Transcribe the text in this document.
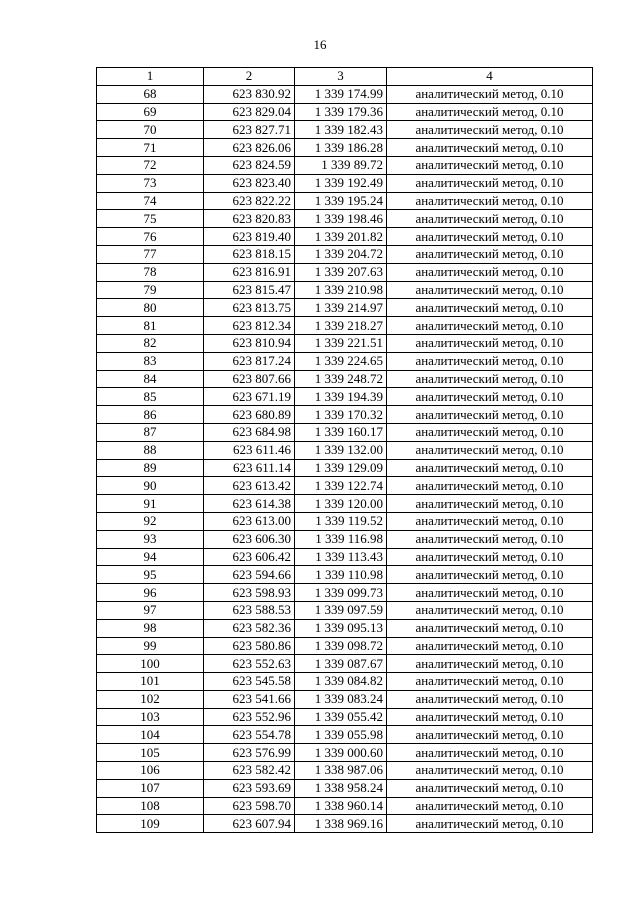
16
1	2	3	4
68	623 830.92	1 339 174.99	аналитический метод, 0.10
69	623 829.04	1 339 179.36	аналитический метод, 0.10
70	623 827.71	1 339 182.43	аналитический метод, 0.10
71	623 826.06	1 339 186.28	аналитический метод, 0.10
72	623 824.59	1 339 89.72	аналитический метод, 0.10
73	623 823.40	1 339 192.49	аналитический метод, 0.10
74	623 822.22	1 339 195.24	аналитический метод, 0.10
75	623 820.83	1 339 198.46	аналитический метод, 0.10
76	623 819.40	1 339 201.82	аналитический метод, 0.10
77	623 818.15	1 339 204.72	аналитический метод, 0.10
78	623 816.91	1 339 207.63	аналитический метод, 0.10
79	623 815.47	1 339 210.98	аналитический метод, 0.10
80	623 813.75	1 339 214.97	аналитический метод, 0.10
81	623 812.34	1 339 218.27	аналитический метод, 0.10
82	623 810.94	1 339 221.51	аналитический метод, 0.10
83	623 817.24	1 339 224.65	аналитический метод, 0.10
84	623 807.66	1 339 248.72	аналитический метод, 0.10
85	623 671.19	1 339 194.39	аналитический метод, 0.10
86	623 680.89	1 339 170.32	аналитический метод, 0.10
87	623 684.98	1 339 160.17	аналитический метод, 0.10
88	623 611.46	1 339 132.00	аналитический метод, 0.10
89	623 611.14	1 339 129.09	аналитический метод, 0.10
90	623 613.42	1 339 122.74	аналитический метод, 0.10
91	623 614.38	1 339 120.00	аналитический метод, 0.10
92	623 613.00	1 339 119.52	аналитический метод, 0.10
93	623 606.30	1 339 116.98	аналитический метод, 0.10
94	623 606.42	1 339 113.43	аналитический метод, 0.10
95	623 594.66	1 339 110.98	аналитический метод, 0.10
96	623 598.93	1 339 099.73	аналитический метод, 0.10
97	623 588.53	1 339 097.59	аналитический метод, 0.10
98	623 582.36	1 339 095.13	аналитический метод, 0.10
99	623 580.86	1 339 098.72	аналитический метод, 0.10
100	623 552.63	1 339 087.67	аналитический метод, 0.10
101	623 545.58	1 339 084.82	аналитический метод, 0.10
102	623 541.66	1 339 083.24	аналитический метод, 0.10
103	623 552.96	1 339 055.42	аналитический метод, 0.10
104	623 554.78	1 339 055.98	аналитический метод, 0.10
105	623 576.99	1 339 000.60	аналитический метод, 0.10
106	623 582.42	1 338 987.06	аналитический метод, 0.10
107	623 593.69	1 338 958.24	аналитический метод, 0.10
108	623 598.70	1 338 960.14	аналитический метод, 0.10
109	623 607.94	1 338 969.16	аналитический метод, 0.10
